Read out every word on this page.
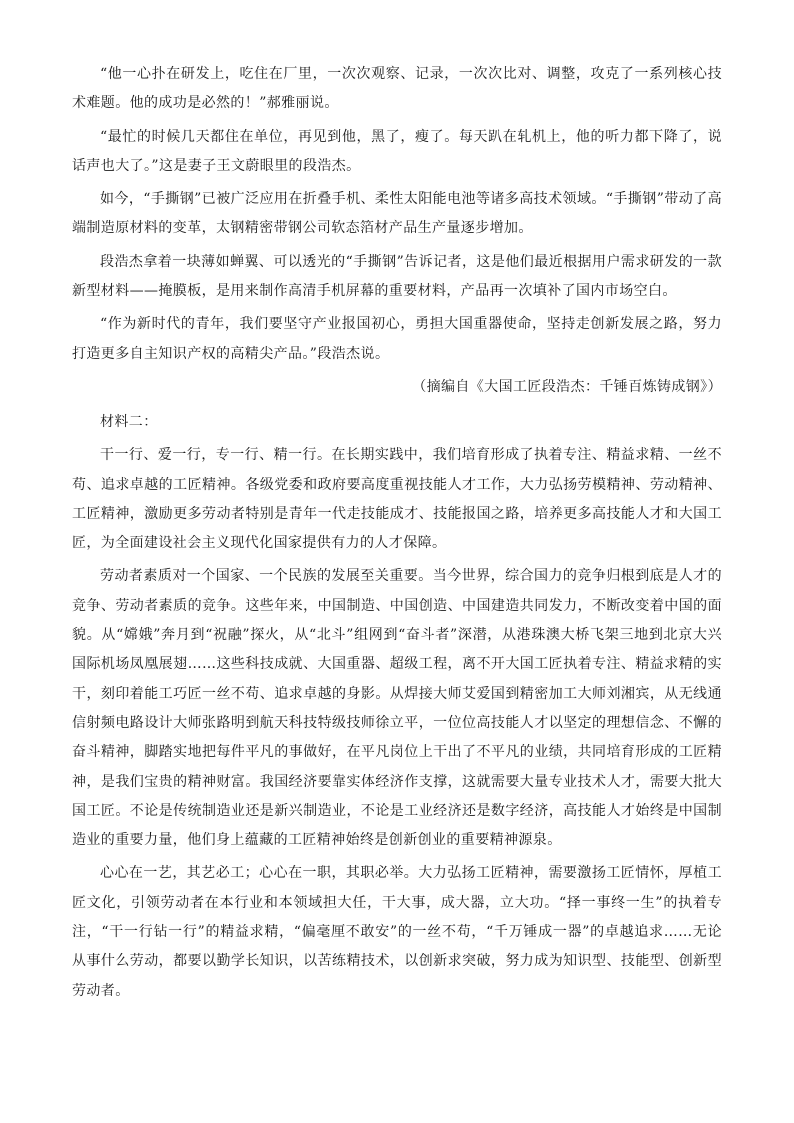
“他一心扑在研发上，吃住在厂里，一次次观察、记录，一次次比对、调整，攻克了一系列核心技术难题。他的成功是必然的！”郝雅丽说。

“最忙的时候几天都住在单位，再见到他，黑了，瘦了。每天趴在轧机上，他的听力都下降了，说话声也大了。”这是妻子王文蔚眼里的段浩杰。

如今，“手撕钢”已被广泛应用在折叠手机、柔性太阳能电池等诸多高技术领域。“手撕钢”带动了高端制造原材料的变革，太钢精密带钢公司软态箔材产品生产量逐步增加。

段浩杰拿着一块薄如蝉翼、可以透光的“手撕钢”告诉记者，这是他们最近根据用户需求研发的一款新型材料——掩膜板，是用来制作高清手机屏幕的重要材料，产品再一次填补了国内市场空白。

“作为新时代的青年，我们要坚守产业报国初心，勇担大国重器使命，坚持走创新发展之路，努力打造更多自主知识产权的高精尖产品。”段浩杰说。

（摘编自《大国工匠段浩杰：千锤百炼铸成钢》）

材料二：

干一行、爱一行，专一行、精一行。在长期实践中，我们培育形成了执着专注、精益求精、一丝不苟、追求卓越的工匠精神。各级党委和政府要高度重视技能人才工作，大力弘扬劳模精神、劳动精神、工匠精神，激励更多劳动者特别是青年一代走技能成才、技能报国之路，培养更多高技能人才和大国工匠，为全面建设社会主义现代化国家提供有力的人才保障。

劳动者素质对一个国家、一个民族的发展至关重要。当今世界，综合国力的竞争归根到底是人才的竞争、劳动者素质的竞争。这些年来，中国制造、中国创造、中国建造共同发力，不断改变着中国的面貌。从“嫦娥”奔月到“祝融”探火，从“北斗”组网到“奋斗者”深潜，从港珠澳大桥飞架三地到北京大兴国际机场凤凰展翅……这些科技成就、大国重器、超级工程，离不开大国工匠执着专注、精益求精的实干，刻印着能工巧匠一丝不苟、追求卓越的身影。从焊接大师艾爱国到精密加工大师刘湘宾，从无线通信射频电路设计大师张路明到航天科技特级技师徐立平，一位位高技能人才以坚定的理想信念、不懈的奋斗精神，脚踏实地把每件平凡的事做好，在平凡岗位上干出了不平凡的业绩，共同培育形成的工匠精神，是我们宝贵的精神财富。我国经济要靠实体经济作支撑，这就需要大量专业技术人才，需要大批大国工匠。不论是传统制造业还是新兴制造业，不论是工业经济还是数字经济，高技能人才始终是中国制造业的重要力量，他们身上蕴藏的工匠精神始终是创新创业的重要精神源泉。

心心在一艺，其艺必工；心心在一职，其职必举。大力弘扬工匠精神，需要激扬工匠情怀，厚植工匠文化，引领劳动者在本行业和本领域担大任，干大事，成大器，立大功。“择一事终一生”的执着专注，“干一行钻一行”的精益求精，“偏毫厘不敢安”的一丝不苟，“千万锤成一器”的卓越追求……无论从事什么劳动，都要以勤学长知识，以苦练精技术，以创新求突破，努力成为知识型、技能型、创新型劳动者。
